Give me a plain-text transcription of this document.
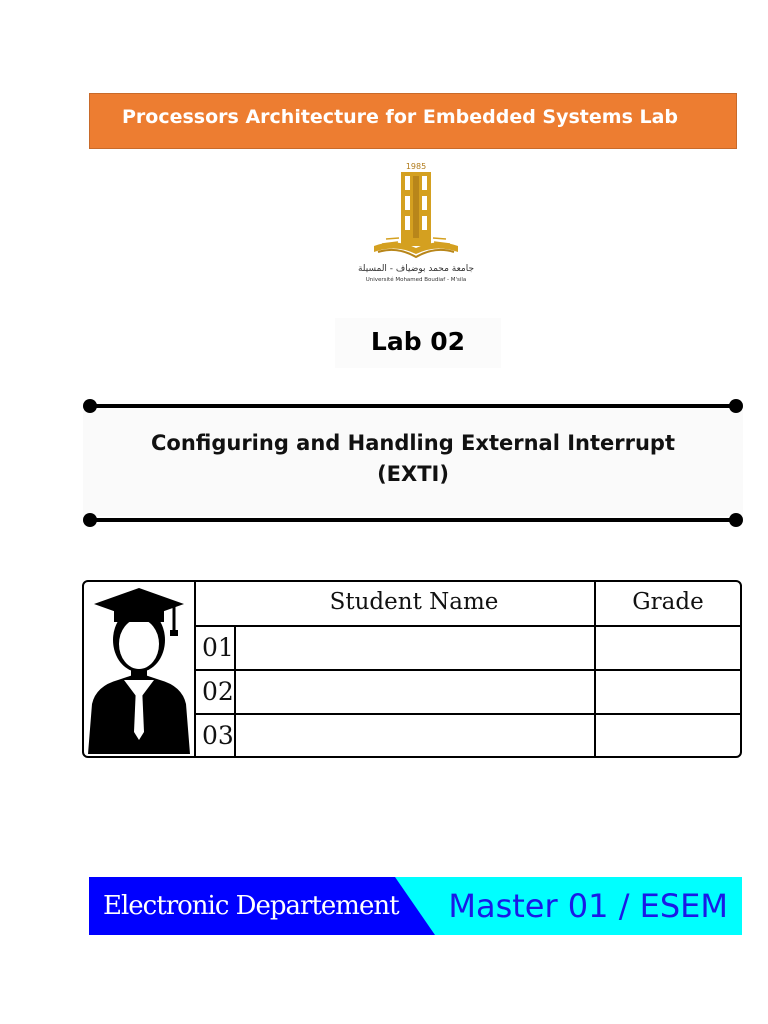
Processors Architecture for Embedded Systems Lab
1985
جامعة محمد بوضياف - المسيلة
Université Mohamed Boudiaf - M'sila
Lab 02
Configuring and Handling External Interrupt
(EXTI)
Student Name	Grade
01
02
03
Electronic Departement Master 01 / ESEM
